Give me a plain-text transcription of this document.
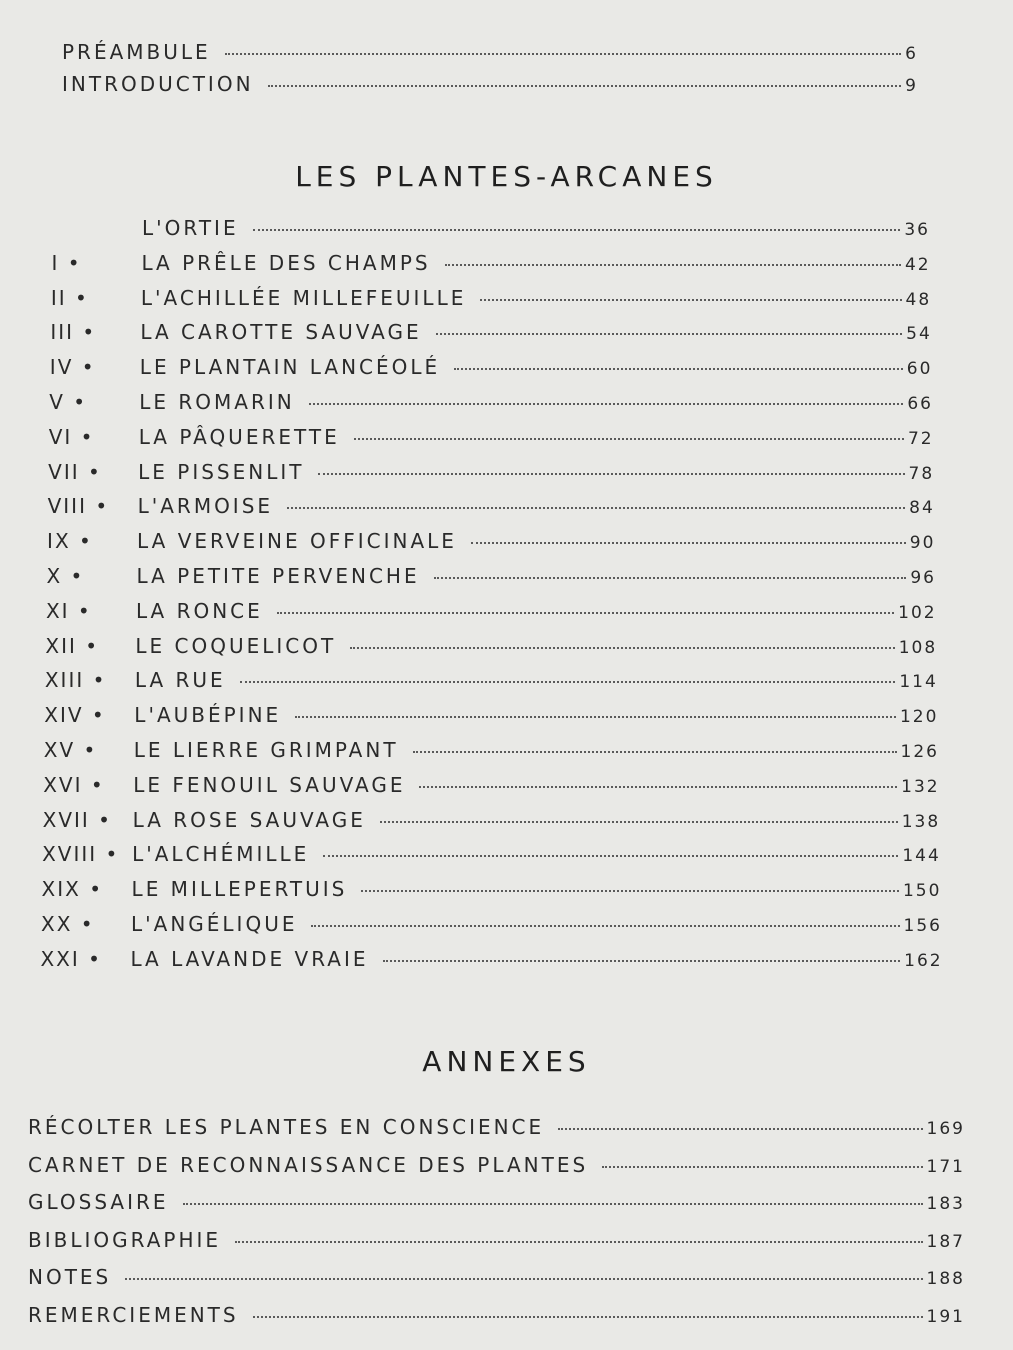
PRÉAMBULE	6
INTRODUCTION	9
LES PLANTES-ARCANES
L'ORTIE	36
I •	LA PRÊLE DES CHAMPS	42
II •	L'ACHILLÉE MILLEFEUILLE	48
III •	LA CAROTTE SAUVAGE	54
IV •	LE PLANTAIN LANCÉOLÉ	60
V •	LE ROMARIN	66
VI •	LA PÂQUERETTE	72
VII •	LE PISSENLIT	78
VIII •	L'ARMOISE	84
IX •	LA VERVEINE OFFICINALE	90
X •	LA PETITE PERVENCHE	96
XI •	LA RONCE	102
XII •	LE COQUELICOT	108
XIII •	LA RUE	114
XIV •	L'AUBÉPINE	120
XV •	LE LIERRE GRIMPANT	126
XVI •	LE FENOUIL SAUVAGE	132
XVII •	LA ROSE SAUVAGE	138
XVIII • L'ALCHÉMILLE	144
XIX •	LE MILLEPERTUIS	150
XX •	L'ANGÉLIQUE	156
XXI •	LA LAVANDE VRAIE	162
ANNEXES
RÉCOLTER LES PLANTES EN CONSCIENCE	169
CARNET DE RECONNAISSANCE DES PLANTES	171
GLOSSAIRE	183
BIBLIOGRAPHIE	187
NOTES	188
REMERCIEMENTS	191
